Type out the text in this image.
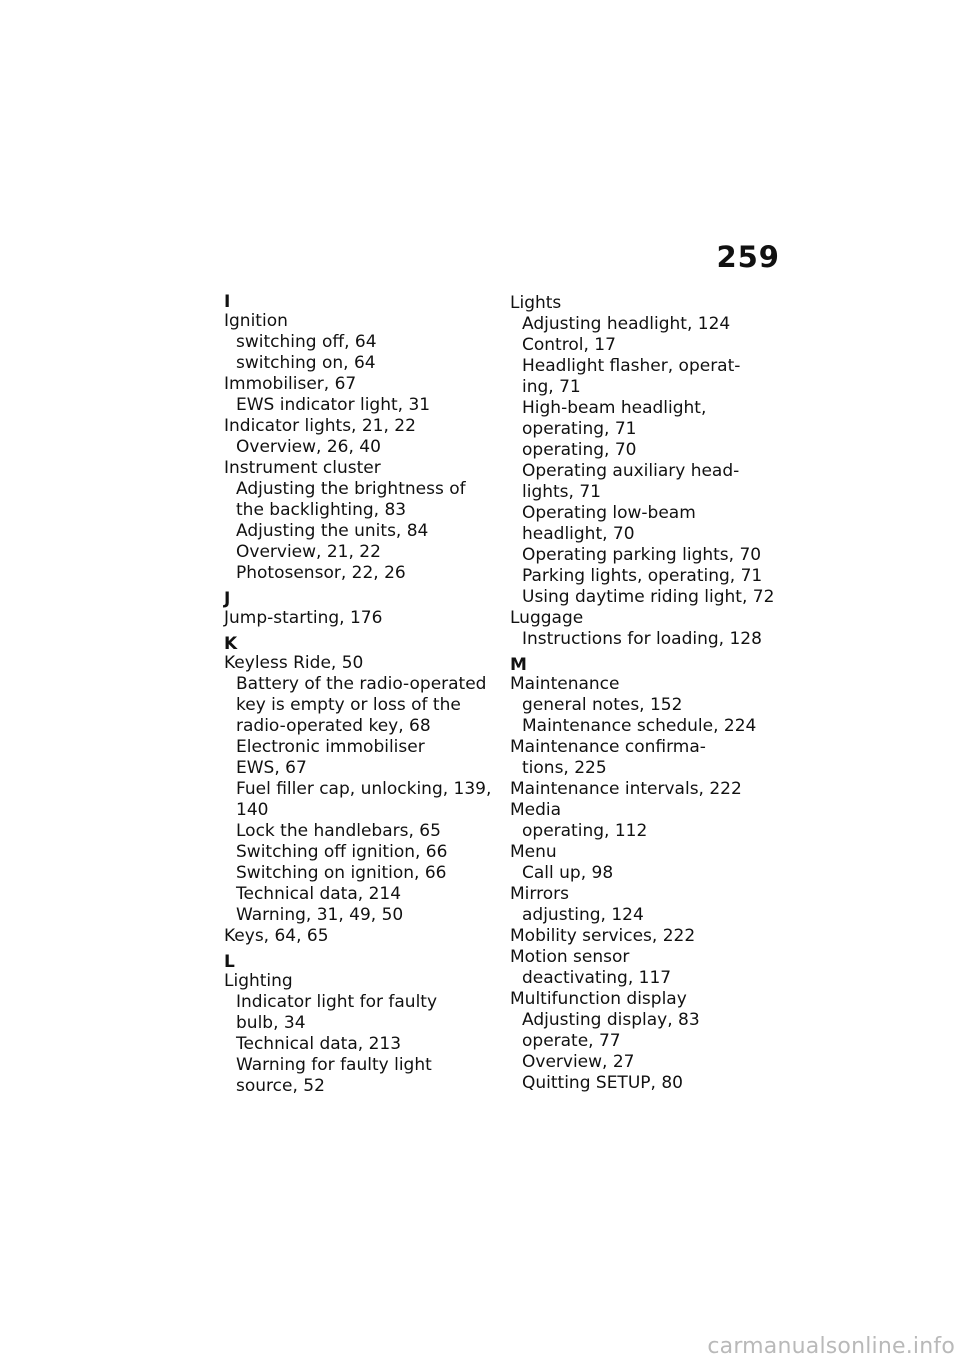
259
I
Ignition
switching off, 64
switching on, 64
Immobiliser, 67
EWS indicator light, 31
Indicator lights, 21, 22
Overview, 26, 40
Instrument cluster
Adjusting the brightness of
the backlighting, 83
Adjusting the units, 84
Overview, 21, 22
Photosensor, 22, 26
J
Jump-starting, 176
K
Keyless Ride, 50
Battery of the radio-operated
key is empty or loss of the
radio-operated key, 68
Electronic immobiliser
EWS, 67
Fuel filler cap, unlocking, 139,
140
Lock the handlebars, 65
Switching off ignition, 66
Switching on ignition, 66
Technical data, 214
Warning, 31, 49, 50
Keys, 64, 65
L
Lighting
Indicator light for faulty
bulb, 34
Technical data, 213
Warning for faulty light
source, 52
Lights
Adjusting headlight, 124
Control, 17
Headlight flasher, operat-
ing, 71
High-beam headlight,
operating, 71
operating, 70
Operating auxiliary head-
lights, 71
Operating low-beam
headlight, 70
Operating parking lights, 70
Parking lights, operating, 71
Using daytime riding light, 72
Luggage
Instructions for loading, 128
M
Maintenance
general notes, 152
Maintenance schedule, 224
Maintenance confirma-
tions, 225
Maintenance intervals, 222
Media
operating, 112
Menu
Call up, 98
Mirrors
adjusting, 124
Mobility services, 222
Motion sensor
deactivating, 117
Multifunction display
Adjusting display, 83
operate, 77
Overview, 27
Quitting SETUP, 80
carmanualsonline.info
